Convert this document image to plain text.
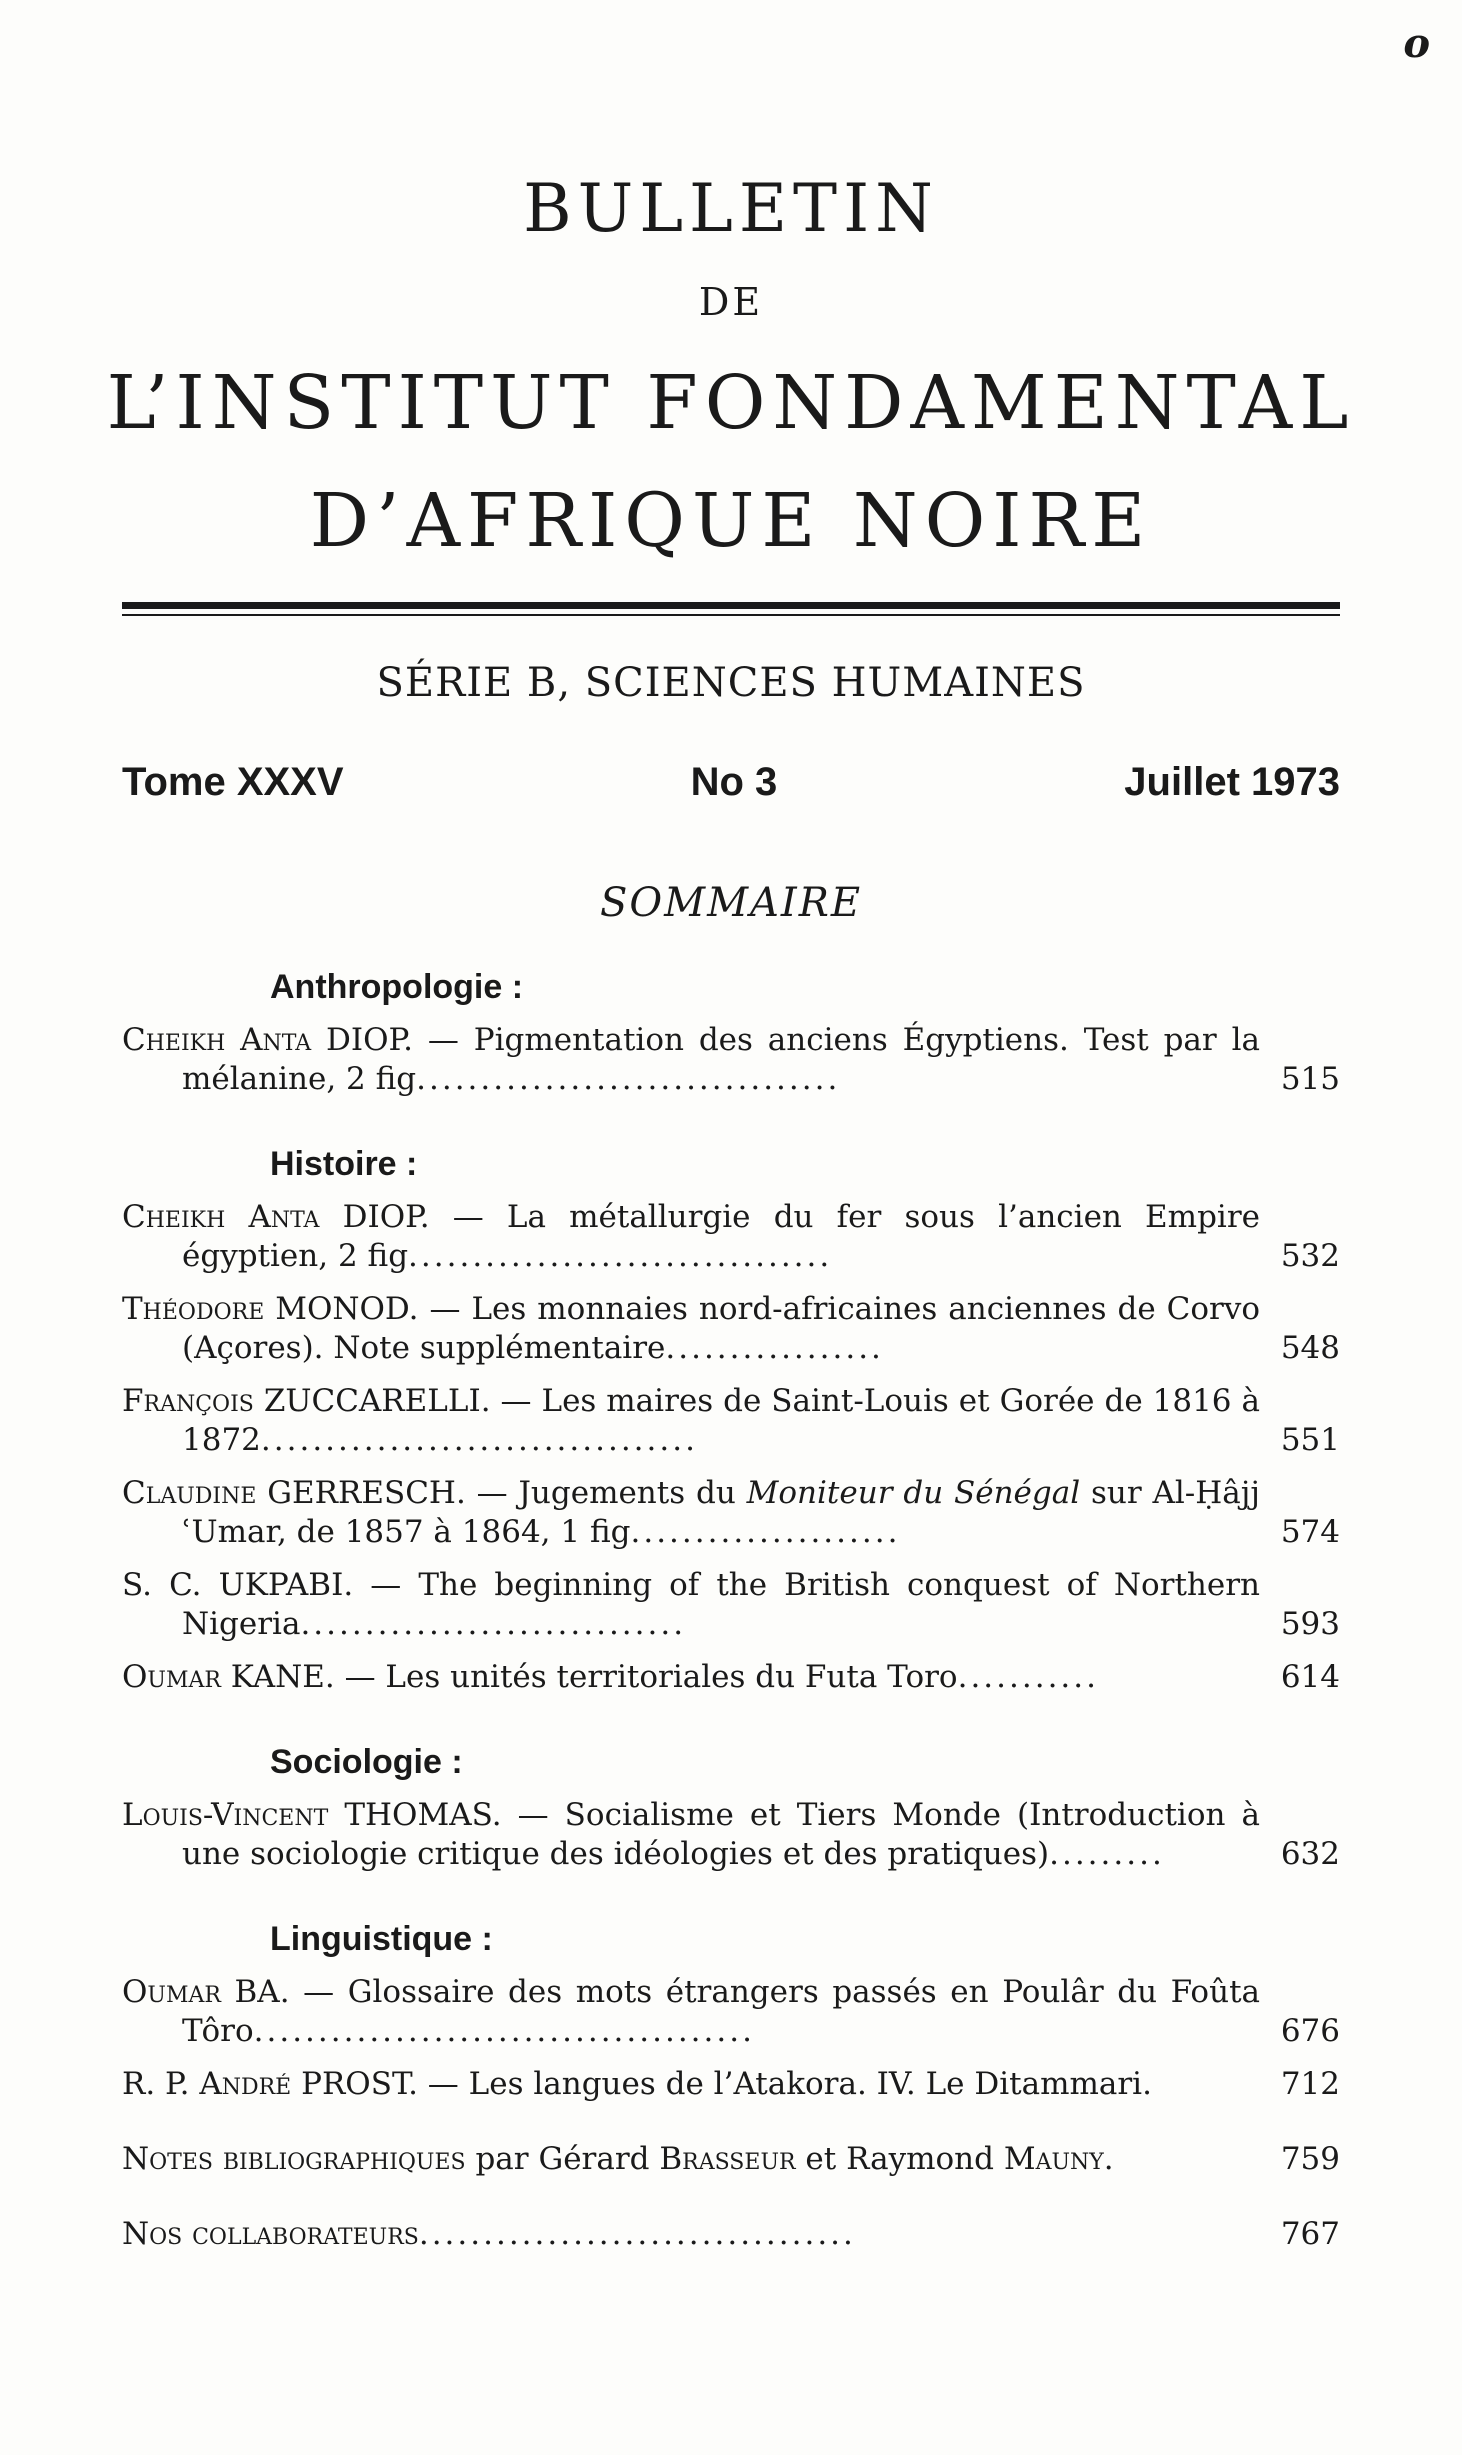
o
BULLETIN
DE
L’INSTITUT FONDAMENTAL
D’AFRIQUE NOIRE
SÉRIE B, SCIENCES HUMAINES
Tome XXXV	No 3	Juillet 1973
SOMMAIRE
Anthropologie :
Cheikh Anta DIOP. — Pigmentation des anciens Égyptiens. Test par la mélanine, 2 fig.................................	515
Histoire :
Cheikh Anta DIOP. — La métallurgie du fer sous l’ancien Empire égyptien, 2 fig.................................	532
Théodore MONOD. — Les monnaies nord-africaines anciennes de Corvo (Açores). Note supplémentaire.................	548
François ZUCCARELLI. — Les maires de Saint-Louis et Gorée de 1816 à 1872..................................	551
Claudine GERRESCH. — Jugements du Moniteur du Sénégal sur Al-Ḥâjj ʿUmar, de 1857 à 1864, 1 fig.....................	574
S. C. UKPABI. — The beginning of the British conquest of Northern Nigeria..............................	593
Oumar KANE. — Les unités territoriales du Futa Toro...........	614
Sociologie :
Louis-Vincent THOMAS. — Socialisme et Tiers Monde (Introduction à une sociologie critique des idéologies et des pratiques).........	632
Linguistique :
Oumar BA. — Glossaire des mots étrangers passés en Poulâr du Foûta Tôro.......................................	676
R. P. André PROST. — Les langues de l’Atakora. IV. Le Ditammari.	712
Notes bibliographiques par Gérard Brasseur et Raymond Mauny.	759
Nos collaborateurs..................................	767
